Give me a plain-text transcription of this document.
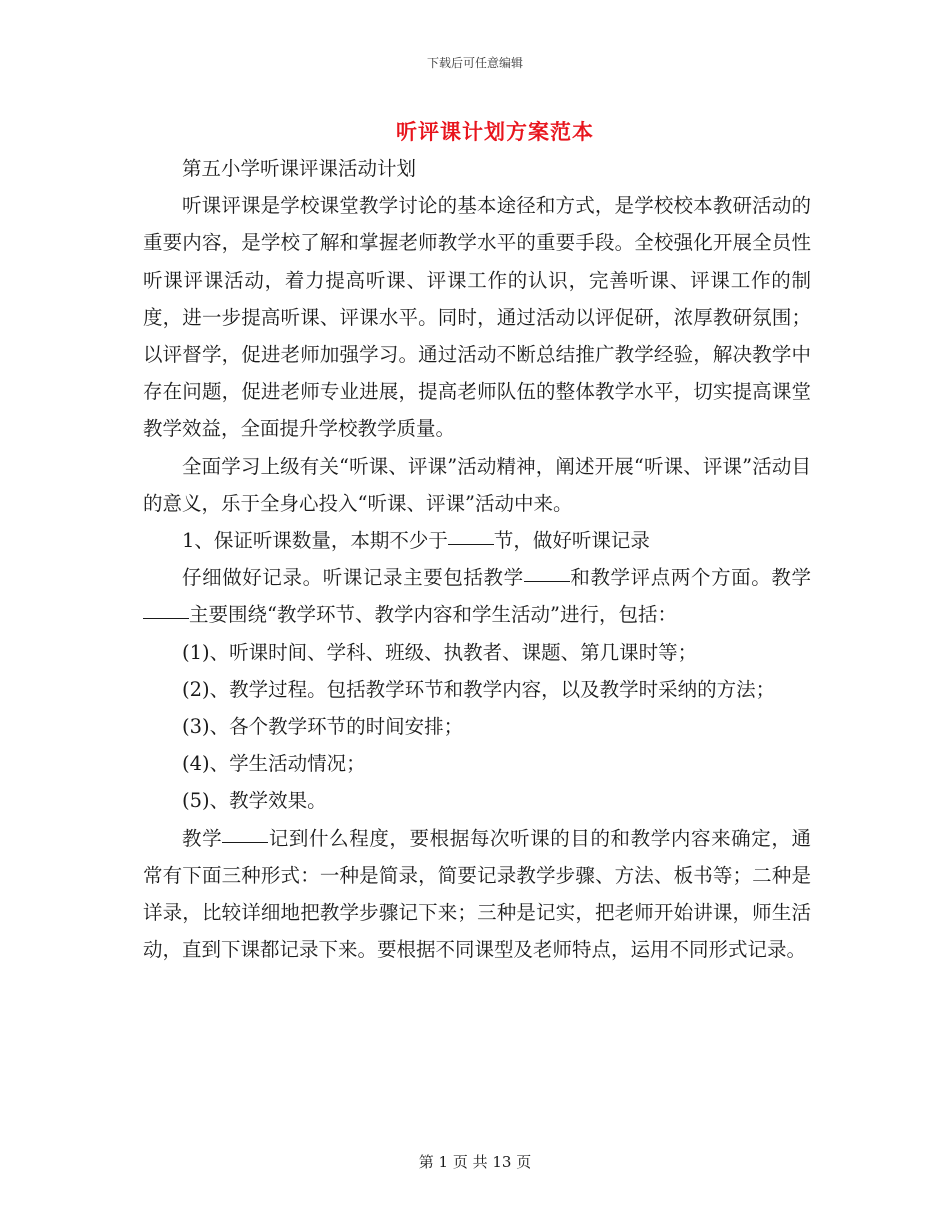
下载后可任意编辑
听评课计划方案范本

第五小学听课评课活动计划

听课评课是学校课堂教学讨论的基本途径和方式，是学校校本教研活动的重要内容，是学校了解和掌握老师教学水平的重要手段。全校强化开展全员性听课评课活动，着力提高听课、评课工作的认识，完善听课、评课工作的制度，进一步提高听课、评课水平。同时，通过活动以评促研，浓厚教研氛围；以评督学，促进老师加强学习。通过活动不断总结推广教学经验，解决教学中存在问题，促进老师专业进展，提高老师队伍的整体教学水平，切实提高课堂教学效益，全面提升学校教学质量。

全面学习上级有关“听课、评课”活动精神，阐述开展“听课、评课”活动目的意义，乐于全身心投入“听课、评课”活动中来。

1、保证听课数量，本期不少于 节，做好听课记录

仔细做好记录。听课记录主要包括教学 和教学评点两个方面。教学主要围绕“教学环节、教学内容和学生活动”进行，包括：

(1)、听课时间、学科、班级、执教者、课题、第几课时等；

(2)、教学过程。包括教学环节和教学内容，以及教学时采纳的方法；

(3)、各个教学环节的时间安排；

(4)、学生活动情况；

(5)、教学效果。

教学 记到什么程度，要根据每次听课的目的和教学内容来确定，通常有下面三种形式：一种是简录，简要记录教学步骤、方法、板书等；二种是详录，比较详细地把教学步骤记下来；三种是记实，把老师开始讲课，师生活动，直到下课都记录下来。要根据不同课型及老师特点，运用不同形式记录。

第 1 页 共 13 页
